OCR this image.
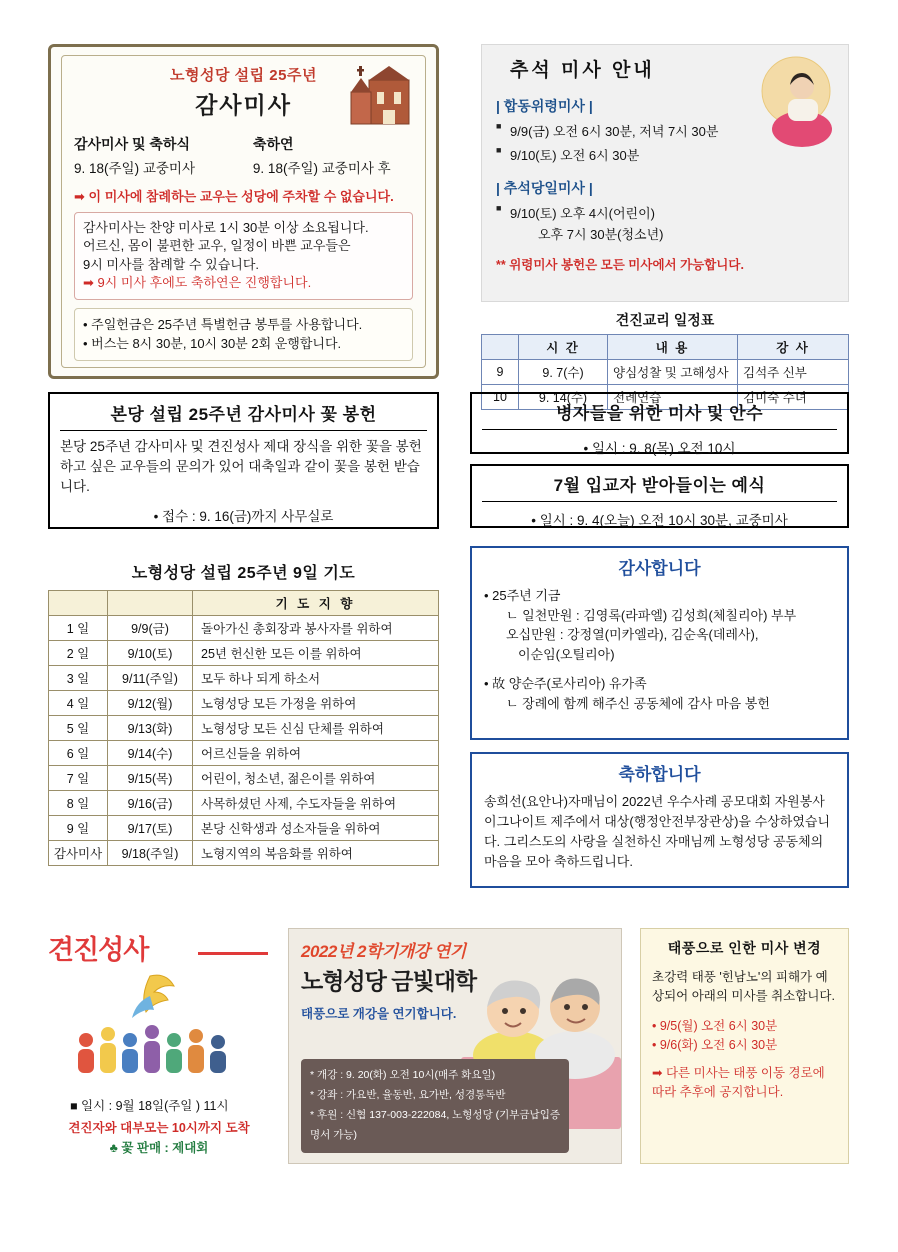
노형성당 설립 25주년
감사미사
감사미사 및 축하식
9. 18(주일) 교중미사
축하연
9. 18(주일) 교중미사 후
➡ 이 미사에 참례하는 교우는 성당에 주차할 수 없습니다.
감사미사는 찬양 미사로 1시 30분 이상 소요됩니다.
어르신, 몸이 불편한 교우, 일정이 바쁜 교우들은
9시 미사를 참례할 수 있습니다.
➡ 9시 미사 후에도 축하연은 진행합니다.
• 주일헌금은 25주년 특별헌금 봉투를 사용합니다.
• 버스는 8시 30분, 10시 30분 2회 운행합니다.
추석 미사 안내
| 합동위령미사 |
■ 9/9(금) 오전 6시 30분, 저녁 7시 30분
■ 9/10(토) 오전 6시 30분
| 추석당일미사 |
■ 9/10(토) 오후 4시(어린이)
오후 7시 30분(청소년)
** 위령미사 봉헌은 모든 미사에서 가능합니다.
견진교리 일정표
	시 간	내 용	강 사
9	9. 7(수)	양심성찰 및 고해성사	김석주 신부
10	9. 14(수)	전례연습	김미숙 수녀
본당 설립 25주년 감사미사 꽃 봉헌
본당 25주년 감사미사 및 견진성사 제대 장식을 위한 꽃을 봉헌하고 싶은 교우들의 문의가 있어 대축일과 같이 꽃을 봉헌 받습니다.
• 접수 : 9. 16(금)까지 사무실로
병자들을 위한 미사 및 안수
• 일시 : 9. 8(목) 오전 10시
7월 입교자 받아들이는 예식
• 일시 : 9. 4(오늘) 오전 10시 30분, 교중미사
노형성당 설립 25주년 9일 기도
		기 도 지 향
1 일	9/9(금)	돌아가신 총회장과 봉사자를 위하여
2 일	9/10(토)	25년 헌신한 모든 이를 위하여
3 일	9/11(주일)	모두 하나 되게 하소서
4 일	9/12(월)	노형성당 모든 가정을 위하여
5 일	9/13(화)	노형성당 모든 신심 단체를 위하여
6 일	9/14(수)	어르신들을 위하여
7 일	9/15(목)	어린이, 청소년, 젊은이를 위하여
8 일	9/16(금)	사목하셨던 사제, 수도자들을 위하여
9 일	9/17(토)	본당 신학생과 성소자들을 위하여
감사미사	9/18(주일)	노형지역의 복음화를 위하여
감사합니다
• 25주년 기금
ㄴ 일천만원 : 김영록(라파엘) 김성희(체칠리아) 부부
오십만원 : 강정열(미카엘라), 김순옥(데레사),
이순임(오틸리아)
• 故 양순주(로사리아) 유가족
ㄴ 장례에 함께 해주신 공동체에 감사 마음 봉헌
축하합니다
송희선(요안나)자매님이 2022년 우수사례 공모대회 자원봉사 이그나이트 제주에서 대상(행정안전부장관상)을 수상하였습니다. 그리스도의 사랑을 실천하신 자매님께 노형성당 공동체의 마음을 모아 축하드립니다.
견진성사
■ 일시 : 9월 18일(주일 ) 11시
견진자와 대부모는 10시까지 도착
♣ 꽃 판매 : 제대회
2022년 2학기개강 연기
노형성당 금빛대학
태풍으로 개강을 연기합니다.
* 개강 : 9. 20(화) 오전 10시(매주 화요일)
* 강좌 : 가요반, 율동반, 요가반, 성경통독반
* 후원 : 신협 137-003-222084, 노형성당 (기부금납입증명서 가능)
태풍으로 인한 미사 변경
초강력 태풍 '힌남노'의 피해가 예상되어 아래의 미사를 취소합니다.
• 9/5(월) 오전 6시 30분
• 9/6(화) 오전 6시 30분
➡ 다른 미사는 태풍 이동 경로에 따라 추후에 공지합니다.
